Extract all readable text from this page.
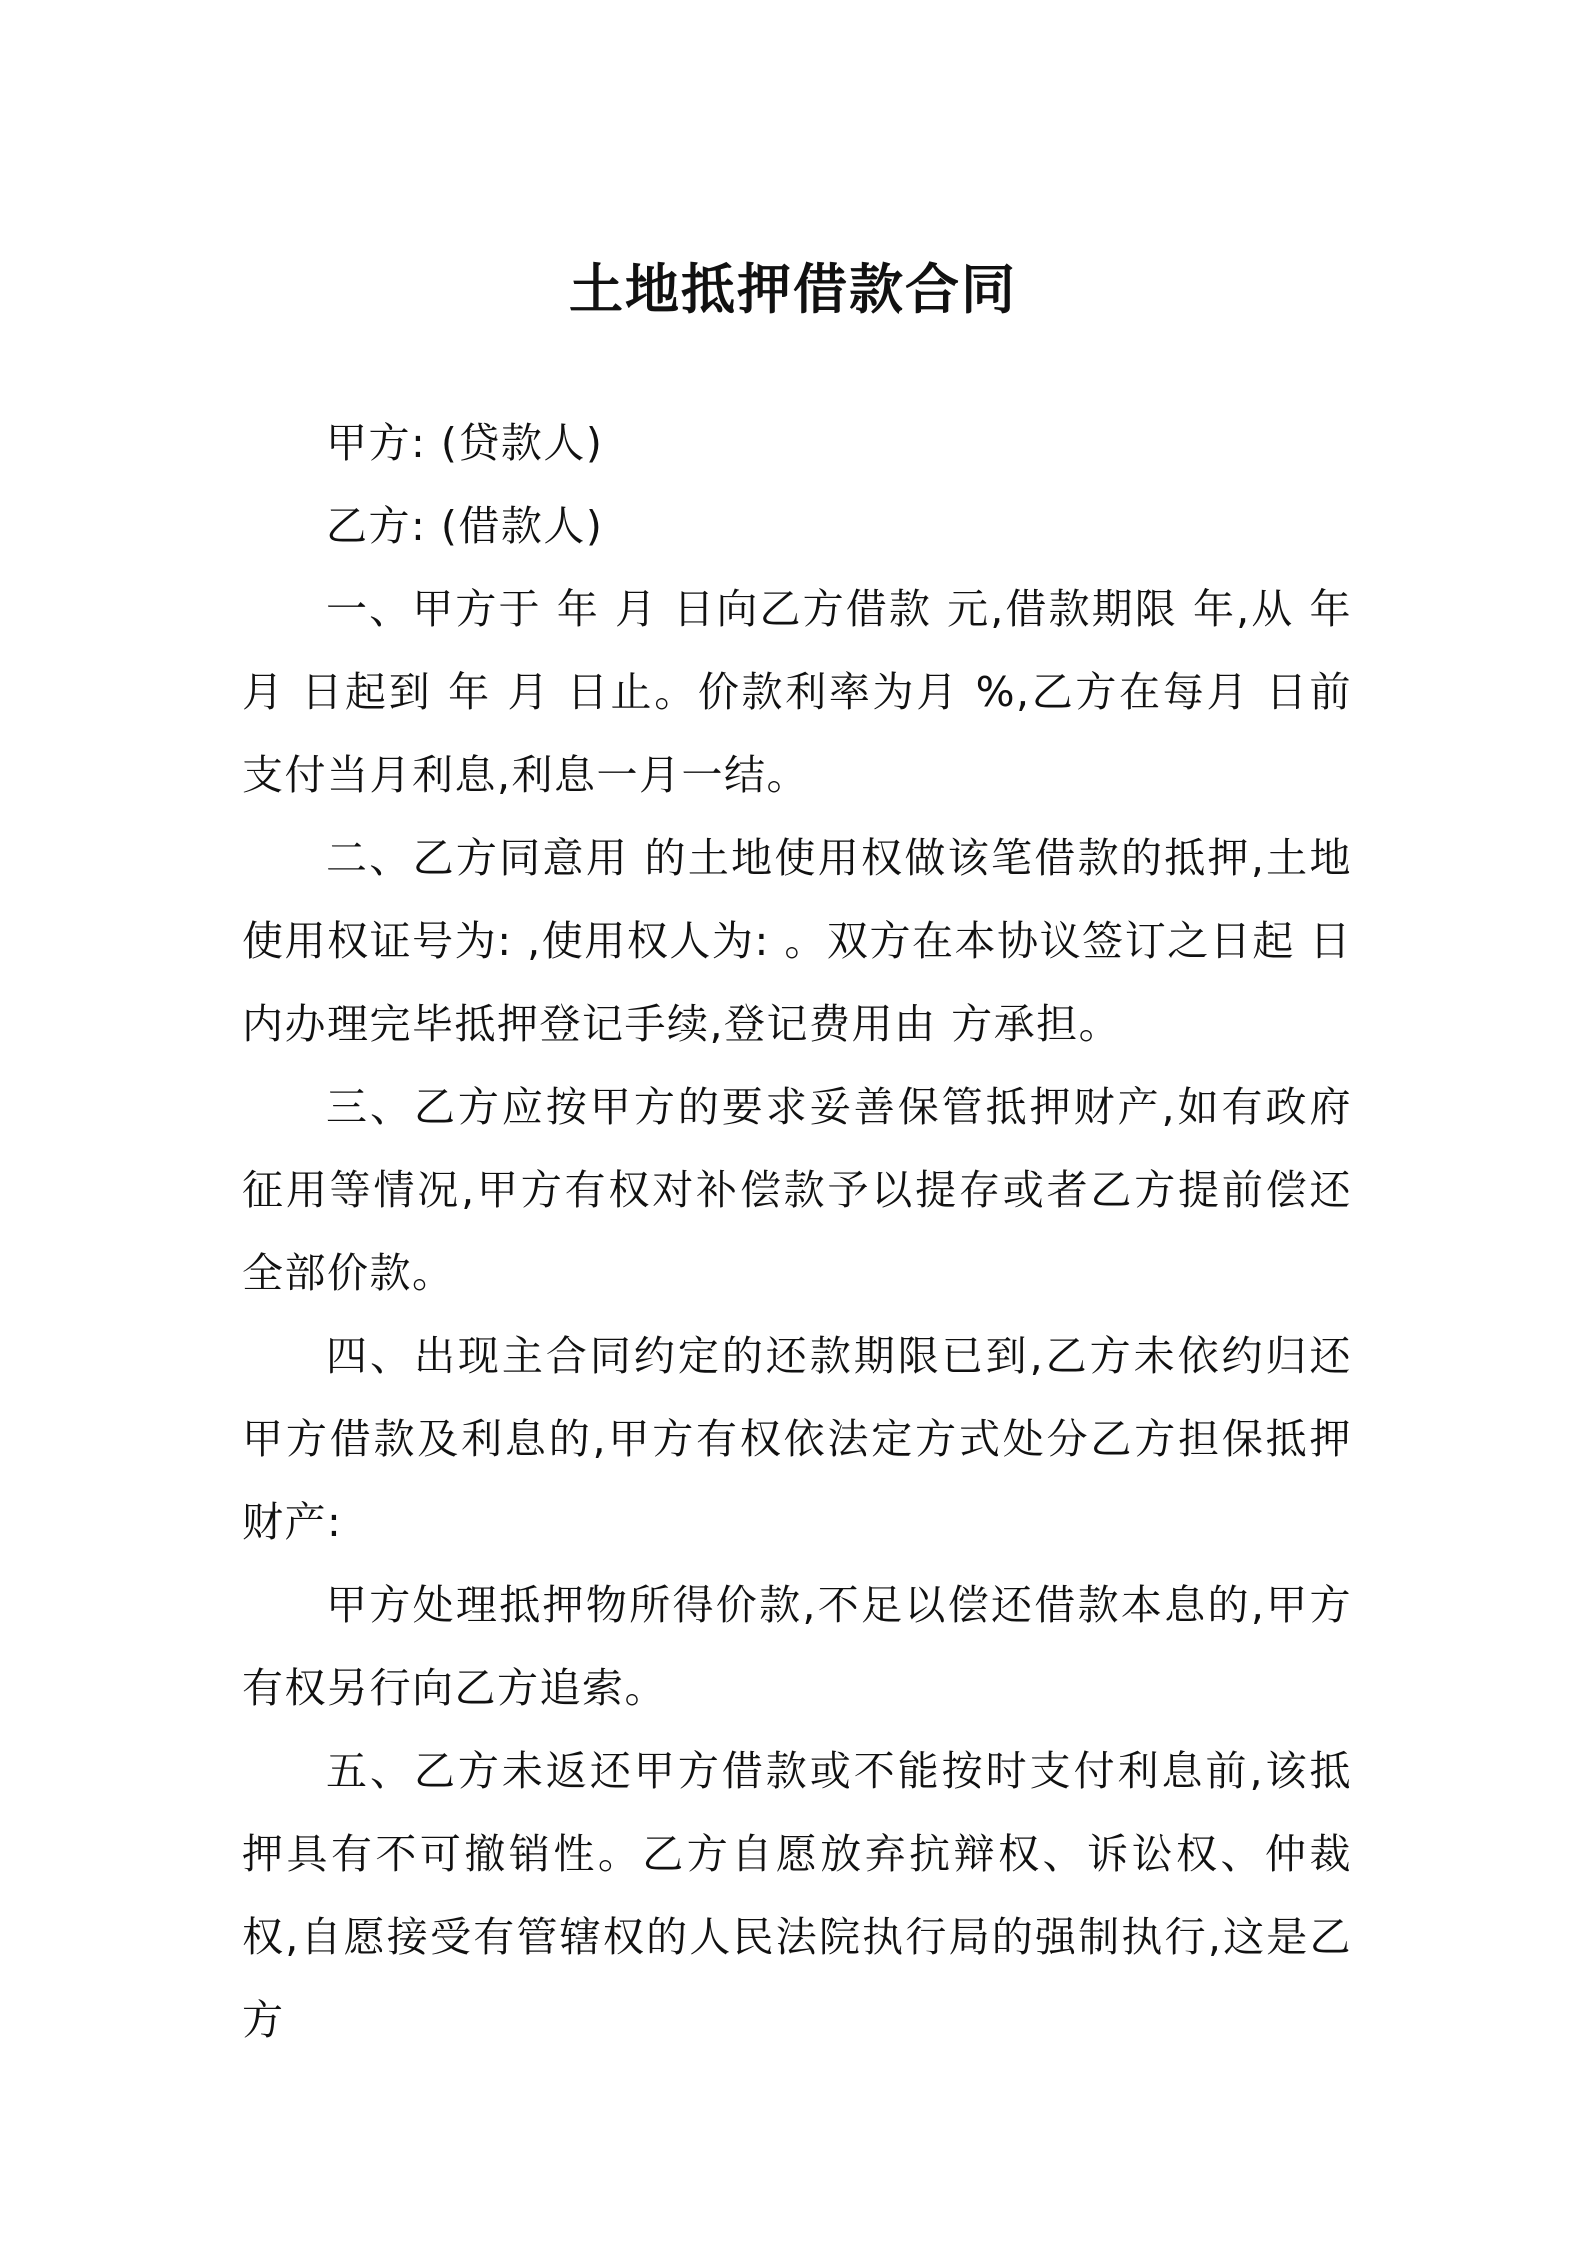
土地抵押借款合同

甲方: (贷款人)

乙方: (借款人)

一、甲方于 年 月 日向乙方借款 元,借款期限 年,从 年 月 日起到 年 月 日止。价款利率为月 %,乙方在每月 日前支付当月利息,利息一月一结。

二、乙方同意用 的土地使用权做该笔借款的抵押,土地使用权证号为: ,使用权人为: 。双方在本协议签订之日起 日内办理完毕抵押登记手续,登记费用由 方承担。

三、乙方应按甲方的要求妥善保管抵押财产,如有政府征用等情况,甲方有权对补偿款予以提存或者乙方提前偿还全部价款。

四、出现主合同约定的还款期限已到,乙方未依约归还甲方借款及利息的,甲方有权依法定方式处分乙方担保抵押财产:

甲方处理抵押物所得价款,不足以偿还借款本息的,甲方有权另行向乙方追索。

五、乙方未返还甲方借款或不能按时支付利息前,该抵押具有不可撤销性。乙方自愿放弃抗辩权、诉讼权、仲裁权,自愿接受有管辖权的人民法院执行局的强制执行,这是乙方
